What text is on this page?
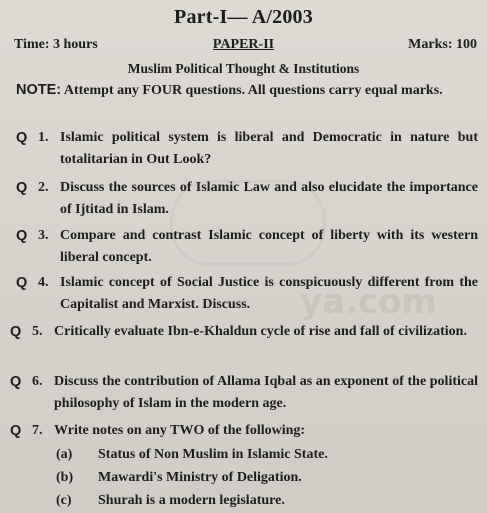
ya.com
Part-I— A/2003
Time: 3 hours	PAPER-II	Marks: 100
Muslim Political Thought & Institutions
NOTE: Attempt any FOUR questions. All questions carry equal marks.
Q 1. Islamic political system is liberal and Democratic in nature but totalitarian in Out Look?
Q 2. Discuss the sources of Islamic Law and also elucidate the importance of Ijtitad in Islam.
Q 3. Compare and contrast Islamic concept of liberty with its western liberal concept.
Q 4. Islamic concept of Social Justice is conspicuously different from the Capitalist and Marxist. Discuss.
Q 5. Critically evaluate Ibn-e-Khaldun cycle of rise and fall of civilization.
Q 6. Discuss the contribution of Allama Iqbal as an exponent of the political philosophy of Islam in the modern age.
Q 7. Write notes on any TWO of the following:
(a) Status of Non Muslim in Islamic State.
(b) Mawardi's Ministry of Deligation.
(c) Shurah is a modern legislature.
